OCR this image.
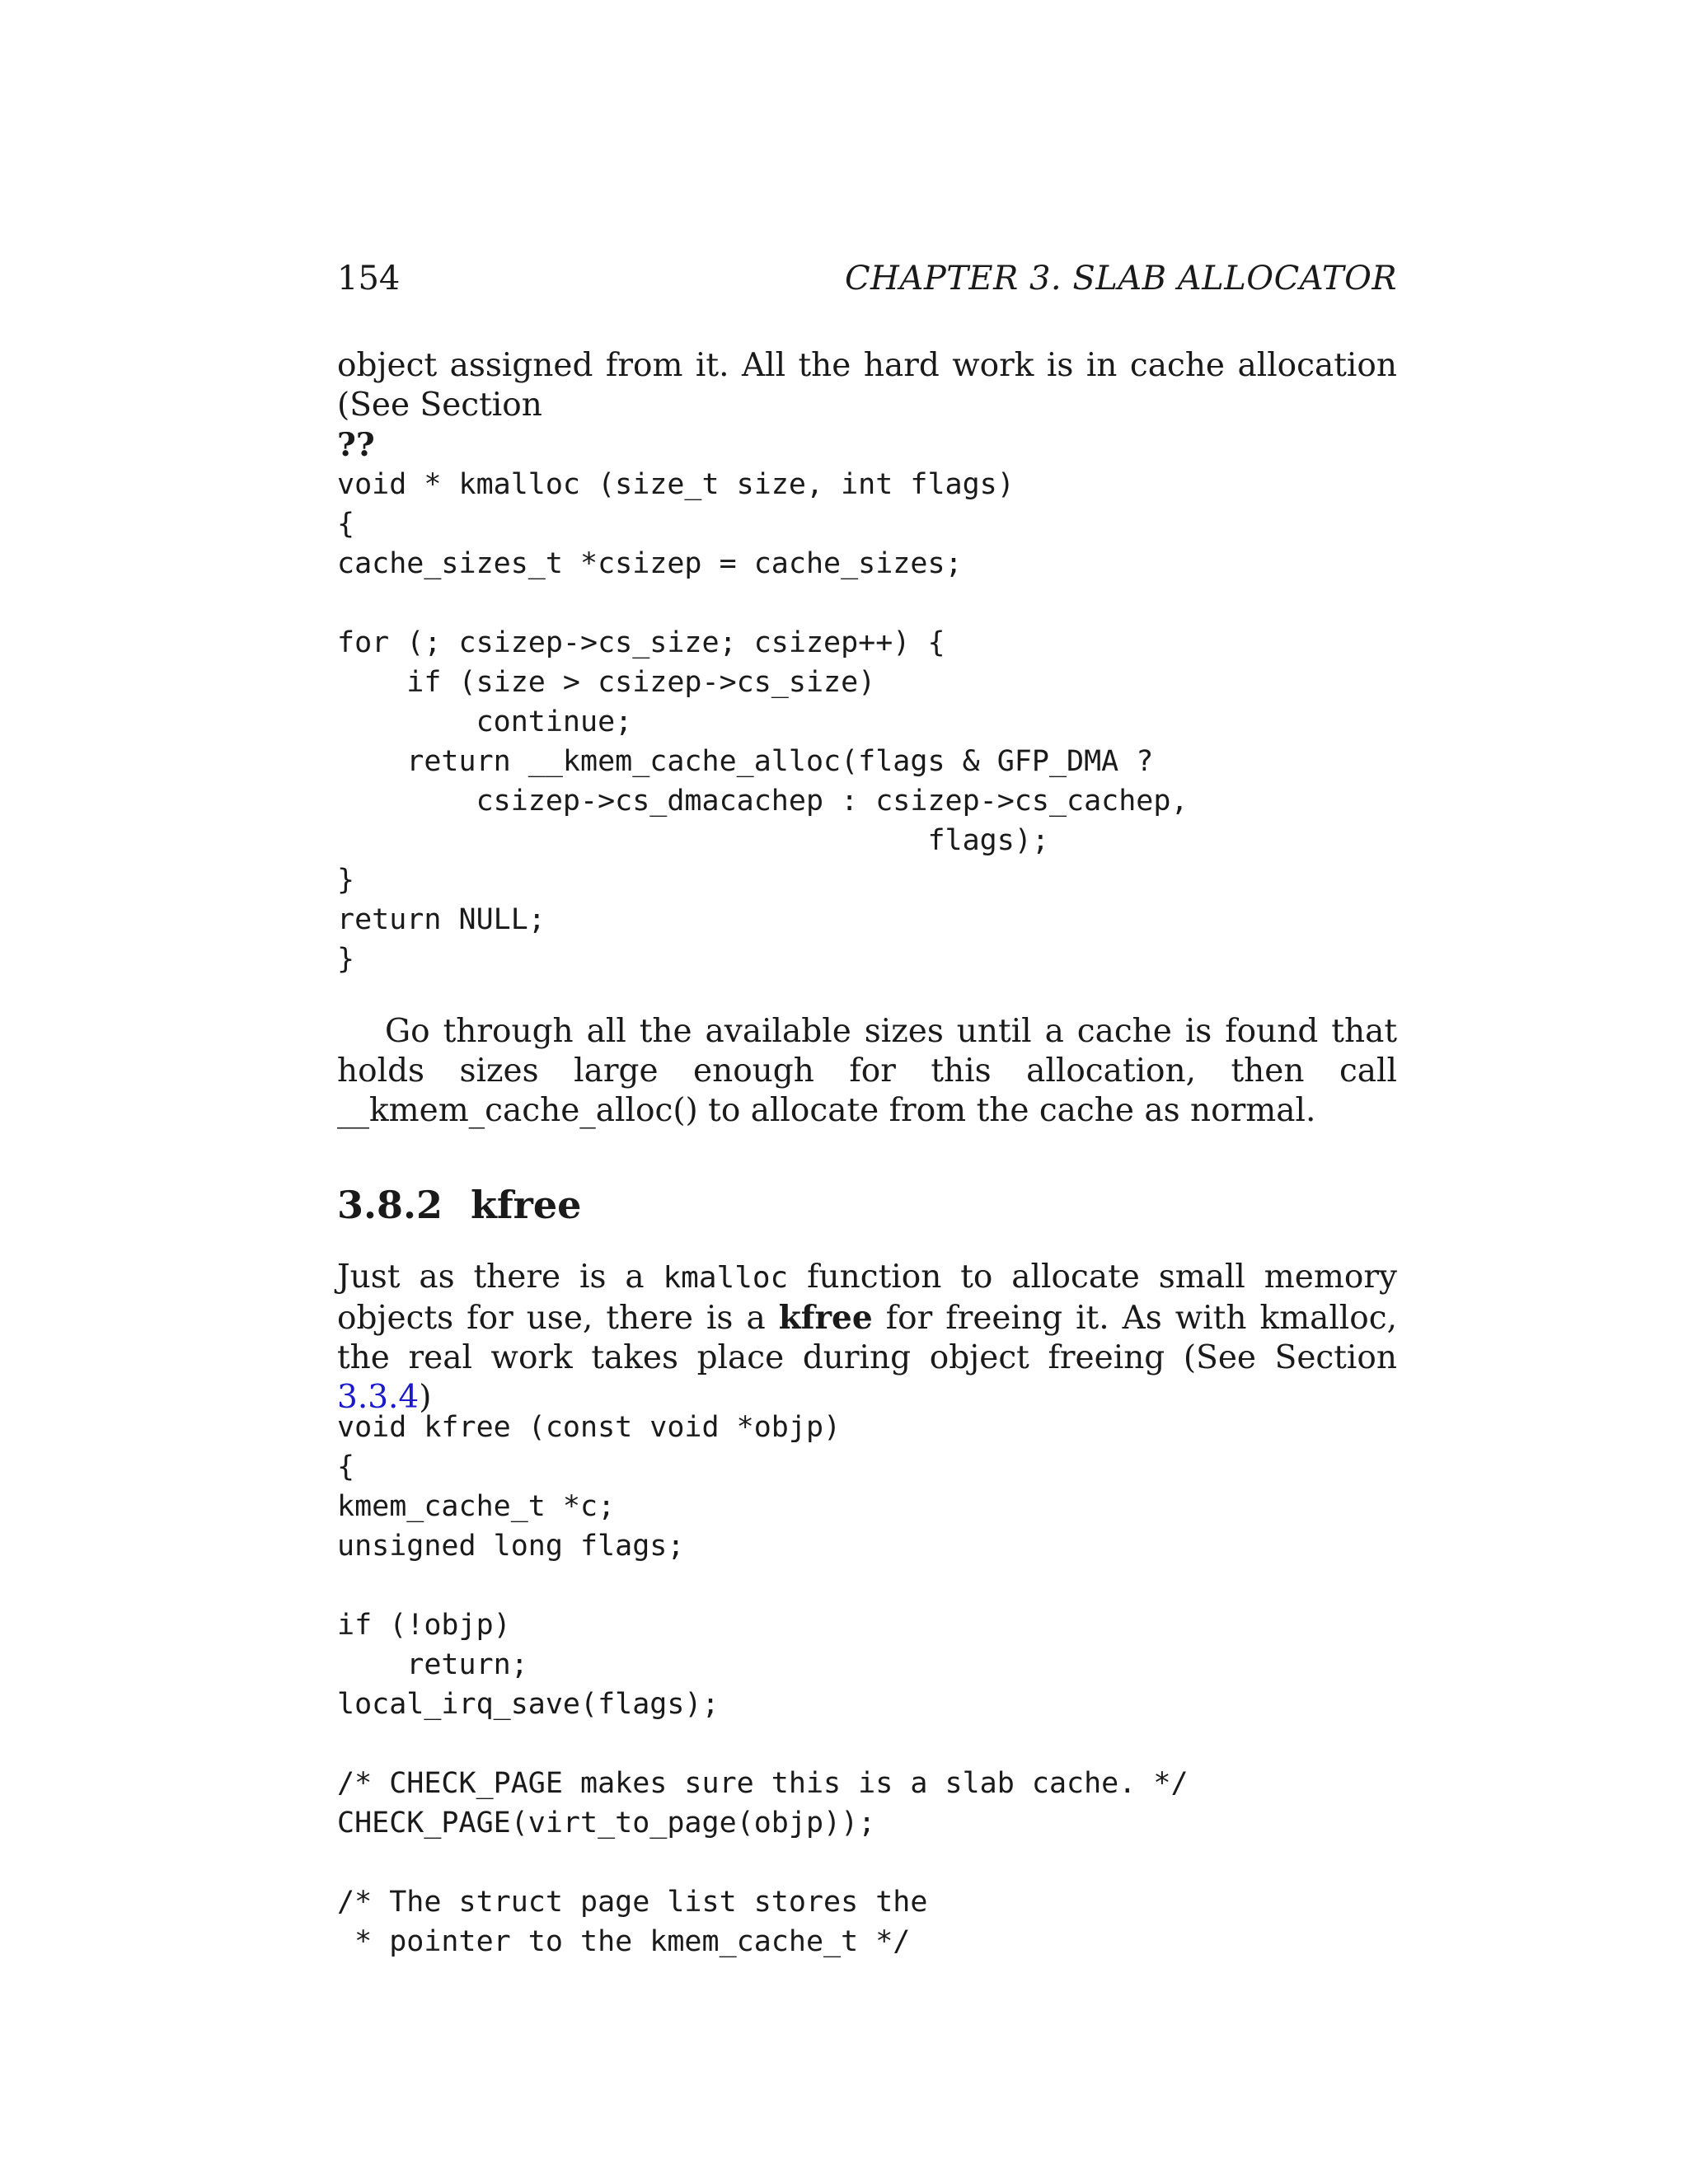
154	CHAPTER 3. SLAB ALLOCATOR
object assigned from it. All the hard work is in cache allocation (See Section
??
void * kmalloc (size_t size, int flags)
{
cache_sizes_t *csizep = cache_sizes;

for (; csizep->cs_size; csizep++) {
if (size > csizep->cs_size)
continue;
return __kmem_cache_alloc(flags & GFP_DMA ?
csizep->cs_dmacachep : csizep->cs_cachep,
flags);
}
return NULL;
}
Go through all the available sizes until a cache is found that holds sizes large enough for this allocation, then call __kmem_cache_alloc() to allocate from the cache as normal.
3.8.2 kfree
Just as there is a kmalloc function to allocate small memory objects for use, there is a kfree for freeing it. As with kmalloc, the real work takes place during object freeing (See Section 3.3.4)
void kfree (const void *objp)
{
kmem_cache_t *c;
unsigned long flags;

if (!objp)
return;
local_irq_save(flags);

/* CHECK_PAGE makes sure this is a slab cache. */
CHECK_PAGE(virt_to_page(objp));

/* The struct page list stores the
* pointer to the kmem_cache_t */
